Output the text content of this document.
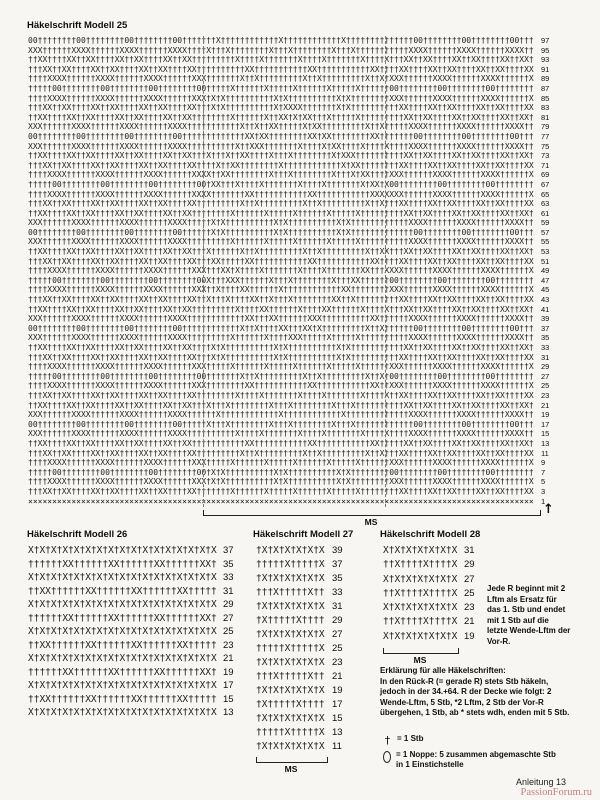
Häkelschrift Modell 25
00††††††††00††††††††00††††††††00†††††††X††††††††††††X††††††††††††X††††††††††††††00††††††††00††††††††00†††
XXX††††††XXXX††††††XXXX††††††XXXX††††X†††X††††††††X†††X††††††††X†††X†††††††††††XXXX††††††XXXX††††††XXXX††
††XX††††XX††XX††††XX††XX††††XX††XX†††††††††X††††X†††††††X††††X†††††††X††††X†††XX††XX††††XX††XX††††XX††XX†
†††XX††XX††††XX††XX††††XX††XX††††XX††††††††††XX†††††††††††XX†††††††††††XX††††XX††††XX††XX††††XX††XX††††XX
††††XXXX††††††XXXX††††††XXXX††††††XXX†††††††X††X†††††††††X††X†††††††††X††X†XXX††††††XXXX††††††XXXX††††††X
†††††00††††††††00††††††††00††††††††00†††††X††††††X†††††X††††††X†††††X††††††00††††††††00††††††††00††††††††
††††XXXX††††††XXXX††††††XXXX††††††XXX†X†X††††††††††X†X††††††††††X†X††††††††XXX††††††XXXX††††††XXXX††††††X
†††XX††XX††††XX††XX††††XX††XX††††XX†††X†X††††††††††X†XXXX†††††††X†X††††††††††XX††††XX††XX††††XX††XX††††XX
††XX††††XX††XX††††XX††XX††††XX††XX††††††††X††††††X††XX†X†XX†††X†††††X†††††††††XX††XX††††XX††XX††††XX††XX†
XXX††††††XXXX††††††XXXX††††††XXXX†††††††††††X††X††XX†††††X†XX†††††††††X††X†††††XXXX††††††XXXX††††††XXXX††
00††††††††00††††††††00††††††††00†††††††††††††XX†XX††††††††XX†XX††††††††XX†††††††00††††††††00††††††††00†††
XXX††††††XXXX††††††XXXX††††††XXXX††††††††††X††XXX†††††††X††††X†XX††††X††††X††††XXXX††††††XXXX††††††XXXX††
††XX††††XX††XX††††XX††XX††††XX††XX†††X†††X††XX††††X†††X††††††††X†XXX††††††††††XX††XX††††XX††XX††††XX††XX†
†††XX††XX††††XX††XX††††XX††XX††††XX††††X††XX††††††††X††††††††††††X†XX††††††††XX††††XX††XX††††XX††XX††††XX
††††XXXX††††††XXXX††††††XXXX††††††XXXX††XX††††††††X†††X††††††††X†††X†XX††††XXX††††††XXXX††††††XXXX††††††X
†††††00††††††††00††††††††00††††††††00†XX†††X††††X†††††††X††††X†††††††X†XX†X00††††††††00††††††††00††††††††
††††XXXX††††††XXXX††††††XXXX††††††XXXX†††††††XX†††††††††††XX†††††††††††XXXXXXX††††††XXXX††††††XXXX††††††X
†††XX††XX††††XX††XX††††XX††XX††††XX†††††††††X††X†††††††††X††X†††††††††X††X†††XX††††XX††XX††††XX††XX††††XX
††XX††††XX††XX††††XX††XX††††XX††XX††††††††X††††††X†††††X††††††X†††††X†††††††††XX††XX††††XX††XX††††XX††XX†
XXX††††††XXXX††††††XXXX††††††XXXX†††††X†X††††††††††X†X††††††††††X†X††††††††††††XXXX††††††XXXX††††††XXXX††
00††††††††00††††††††00††††††††00††††††X†X††††††††††X†X††††††††††X†X†††††††††††††00††††††††00††††††††00†††
XXX††††††XXXX††††††XXXX††††††XXXX†††††††††X††††††X†††††X††††††X†††††X††††††††††XXXX††††††XXXX††††††XXXX††
††XX††††XX††XX††††XX††XX††††XX††XX†††X††††††X††X†††††††††X††X†††††††††X††XX†††XX††XX††††XX††XX††††XX††XX†
†††XX††XX††††XX††XX††††XX††XX††††XX†††XX†††††XX†††††††††††XX†††††††††††XX††††XX††††XX††XX††††XX††XX††††XX
††††XXXX††††††XXXX††††††XXXX††††††XXX†††XX†X††††X†††††††X††††X†††††††XX†††XXXX††††††XXXX††††††XXXX††††††X
†††††00††††††††00††††††††00††††††††00X†††XXX††††††X†††X††††††††X†††XX††††††00††††††††00††††††††00††††††††
††††XXXX††††††XXXX††††††XXXX††††††XXX††X††††XX††††††X††††††††††††XX††††††††XXX††††††XXXX††††††XXXX††††††X
†††XX††XX††††XX††XX††††XX††XX††††XX††X†††X††††XX††X†††X††††††††XX††X†††††††††XX††††XX††XX††††XX††XX††††XX
††XX††††XX††XX††††XX††XX††††XX††XX†††††††††X††††XX††††††X††††XX††††††X††††X†††XX††XX††††XX††XX††††XX††XX†
XXX††††††XXXX††††††XXXX††††††XXXX††††††††††††XX†††XX††††††XXX††††††††††XX††††††XXXX††††††XXXX††††††XXXX††
00††††††††00††††††††00††††††††00††††††††††††X††X††††XX†††XX†X†††††††††X††X††††††00††††††††00††††††††00†††
XXX††††††XXXX††††††XXXX††††††XXXX†††††††††X††††††X††††XXX†††††X†††††X††††††††††XXXX††††††XXXX††††††XXXX††
††XX††††XX††XX††††XX††XX††††XX††XX††††X†X††††††††††X†X††††††††††X†X†††††††††††XX††XX††††XX††XX††††XX††XX†
†††XX††XX††††XX††XX††††XX††XX††††XX†††X†X††††††††††X†X††††††††††X†X††††††††††XX††††XX††XX††††XX††XX††††XX
††††XXXX††††††XXXX††††††XXXX††††††XXX†††††X††††††X†††††X††††††X†††††X††††††XXX††††††XXXX††††††XXXX††††††X
†††††00††††††††00††††††††00††††††††00†††††††X††X†††††††††X††X†††††††††X††X†00††††††††00††††††††00††††††††
††††XXXX††††††XXXX††††††XXXX††††††XXX††††††††XX†††††††††††XX†††††††††††XX††XXX††††††XXXX††††††XXXX††††††X
†††XX††XX††††XX††XX††††XX††XX††††XX††††††††X††††X†††††††X††††X†††††††X††††X††XX††††XX††XX††††XX††XX††††XX
††XX††††XX††XX††††XX††XX††††XX††XX†††X†††X††††††††X†††X††††††††X†††X††††††††††XX††XX††††XX††XX††††XX††XX†
XXX††††††XXXX††††††XXXX††††††XXXX††††††X††††††††††††X††††††††††††X†††††††††††††XXXX††††††XXXX††††††XXXX††
00††††††††00††††††††00††††††††00†††††X†††X††††††††X†††X††††††††X†††X††††††††††††00††††††††00††††††††00†††
XXX††††††XXXX††††††XXXX††††††XXXX††††††††††X††††X†††††††X††††X†††††††X††††X††††XXXX††††††XXXX††††††XXXX††
††XX††††XX††XX††††XX††XX††††XX††XX†††††††††††XX†††††††††††XX†††††††††††XX†††††XX††XX††††XX††XX††††XX††XX†
†††XX††XX††††XX††XX††††XX††XX††††XX†††††††††X††X†††††††††X††X†††††††††X††X†††XX††††XX††XX††††XX††XX††††XX
††††XXXX††††††XXXX††††††XXXX††††††XXX†††††X††††††X†††††X††††††X†††††X††††††XXX††††††XXXX††††††XXXX††††††X
†††††00††††††††00††††††††00††††††††00†X†X††††††††††X†X††††††††††X†X††††††††00††††††††00††††††††00††††††††
††††XXXX††††††XXXX††††††XXXX††††††XXX†X†X††††††††††X†X††††††††††X†X††††††††XXX††††††XXXX††††††XXXX††††††X
†††XX††XX††††XX††XX††††XX††XX††††XX†††††††X††††††X†††††X††††††X†††††X††††††††XX††††XX††XX††††XX††XX††††XX
×××××××××××××××××××××××××××××××××××××××××××××××××××××××××××××××××××××××××××××××××××××××××××××××××××××××××
97
95
93
91
89
87
85
83
81
79
77
75
73
71
69
67
65
63
61
59
57
55
53
51
49
47
45
43
41
39
37
35
33
31
29
27
25
23
21
19
17
15
13
11
9
7
5
3
1
MS
↑
Häkelschrift Modell 26
X†X†X†X†X†X†X†X†X†X†X†X†X†X†X†X†X
††††††XX††††††XX††††††XX††††††XX†
X†X†X†X†X†X†X†X†X†X†X†X†X†X†X†X†X
††XX††††††XX††††††XX††††††XX†††††
X†X†X†X†X†X†X†X†X†X†X†X†X†X†X†X†X
††††††XX††††††XX††††††XX††††††XX†
X†X†X†X†X†X†X†X†X†X†X†X†X†X†X†X†X
††XX††††††XX††††††XX††††††XX†††††
X†X†X†X†X†X†X†X†X†X†X†X†X†X†X†X†X
††††††XX††††††XX††††††XX††††††XX†
X†X†X†X†X†X†X†X†X†X†X†X†X†X†X†X†X
††XX††††††XX††††††XX††††††XX†††††
X†X†X†X†X†X†X†X†X†X†X†X†X†X†X†X†X
37
35
33
31
29
27
25
23
21
19
17
15
13
Häkelschrift Modell 27
†X†X†X†X†X†X
†††††X†††††X
†X†X†X†X†X†X
†††X†††††X††
†X†X†X†X†X†X
†X†††††X††††
†X†X†X†X†X†X
†††††X†††††X
†X†X†X†X†X†X
†††X†††††X††
†X†X†X†X†X†X
†X†††††X††††
†X†X†X†X†X†X
†††††X†††††X
†X†X†X†X†X†X
39
37
35
33
31
29
27
25
23
21
19
17
15
13
11
MS
Häkelschrift Modell 28
X†X†X†X†X†X†X
††X††††X††††X
X†X†X†X†X†X†X
††X††††X††††X
X†X†X†X†X†X†X
††X††††X††††X
X†X†X†X†X†X†X
31
29
27
25
23
21
19
MS
Jede R beginnt mit 2 Lftm als Ersatz für das 1. Stb und endet mit 1 Stb auf die letzte Wende-Lftm der Vor-R.
Erklärung für alle Häkelschriften:
In den Rück-R (= gerade R) stets Stb häkeln, jedoch in der 34.+64. R der Decke wie folgt: 2 Wende-Lftm, 5 Stb, *2 Lftm, 2 Stb der Vor-R übergehen, 1 Stb, ab * stets wdh, enden mit 5 Stb.
† = 1 Stb
= 1 Noppe: 5 zusammen abgemaschte Stb in 1 Einstichstelle
Anleitung 13
PassionForum.ru
